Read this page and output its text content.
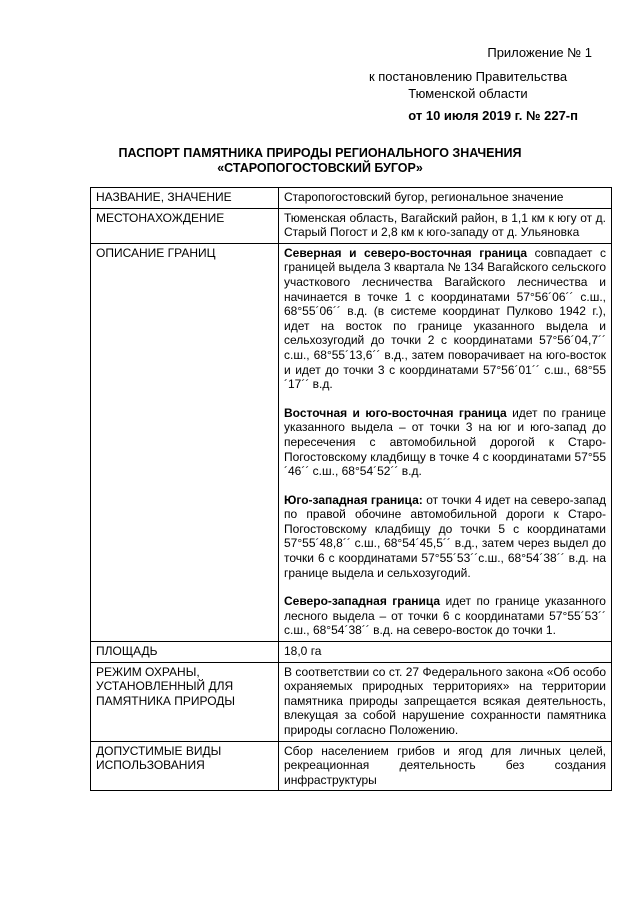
Приложение № 1
к постановлению Правительства
Тюменской области
от 10 июля 2019 г. № 227-п
ПАСПОРТ ПАМЯТНИКА ПРИРОДЫ РЕГИОНАЛЬНОГО ЗНАЧЕНИЯ
«СТАРОПОГОСТОВСКИЙ БУГОР»
НАЗВАНИЕ, ЗНАЧЕНИЕ	Старопогостовский бугор, региональное значение
МЕСТОНАХОЖДЕНИЕ	Тюменская область, Вагайский район, в 1,1 км к югу от д. Старый Погост и 2,8 км к юго-западу от д. Ульяновка
ОПИСАНИЕ ГРАНИЦ	Северная и северо-восточная граница совпадает с границей выдела 3 квартала № 134 Вагайского сельского участкового лесничества Вагайского лесничества и начинается в точке 1 с координатами 57°56´06´´ с.ш., 68°55´06´´ в.д. (в системе координат Пулково 1942 г.), идет на восток по границе указанного выдела и сельхозугодий до точки 2 с координатами 57°56´04,7´´ с.ш., 68°55´13,6´´ в.д., затем поворачивает на юго-восток и идет до точки 3 с координатами 57°56´01´´ с.ш., 68°55´17´´ в.д.

Восточная и юго-восточная граница идет по границе указанного выдела – от точки 3 на юг и юго-запад до пересечения с автомобильной дорогой к Старо-Погостовскому кладбищу в точке 4 с координатами 57°55´46´´ с.ш., 68°54´52´´ в.д.

Юго-западная граница: от точки 4 идет на северо-запад по правой обочине автомобильной дороги к Старо-Погостовскому кладбищу до точки 5 с координатами 57°55´48,8´´ с.ш., 68°54´45,5´´ в.д., затем через выдел до точки 6 с координатами 57°55´53´´с.ш., 68°54´38´´ в.д. на границе выдела и сельхозугодий.

Северо-западная граница идет по границе указанного лесного выдела – от точки 6 с координатами 57°55´53´´ с.ш., 68°54´38´´ в.д. на северо-восток до точки 1.

ПЛОЩАДЬ	18,0 га
РЕЖИМ ОХРАНЫ, УСТАНОВЛЕННЫЙ ДЛЯ ПАМЯТНИКА ПРИРОДЫ	В соответствии со ст. 27 Федерального закона «Об особо охраняемых природных территориях» на территории памятника природы запрещается всякая деятельность, влекущая за собой нарушение сохранности памятника природы согласно Положению.
ДОПУСТИМЫЕ ВИДЫ ИСПОЛЬЗОВАНИЯ	Сбор населением грибов и ягод для личных целей, рекреационная деятельность без создания инфраструктуры
